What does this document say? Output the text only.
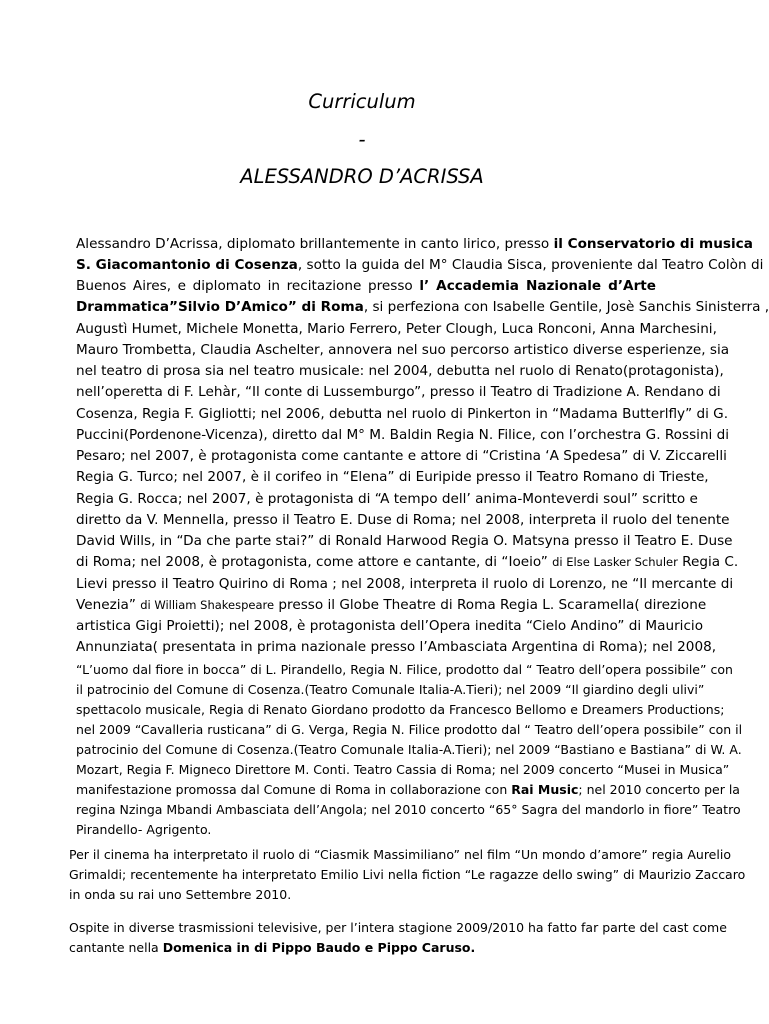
Curriculum
-
ALESSANDRO D’ACRISSA
Alessandro D’Acrissa, diplomato brillantemente in canto lirico, presso il Conservatorio di musica
S. Giacomantonio di Cosenza, sotto la guida del M° Claudia Sisca, proveniente dal Teatro Colòn di
Buenos Aires, e diplomato in recitazione presso l’ Accademia Nazionale d’Arte
Drammatica”Silvio D’Amico” di Roma, si perfeziona con Isabelle Gentile, Josè Sanchis Sinisterra ,
Augustì Humet, Michele Monetta, Mario Ferrero, Peter Clough, Luca Ronconi, Anna Marchesini,
Mauro Trombetta, Claudia Aschelter, annovera nel suo percorso artistico diverse esperienze, sia
nel teatro di prosa sia nel teatro musicale: nel 2004, debutta nel ruolo di Renato(protagonista),
nell’operetta di F. Lehàr, “Il conte di Lussemburgo”, presso il Teatro di Tradizione A. Rendano di
Cosenza, Regia F. Gigliotti; nel 2006, debutta nel ruolo di Pinkerton in “Madama Butterlfly” di G.
Puccini(Pordenone-Vicenza), diretto dal M° M. Baldin Regia N. Filice, con l’orchestra G. Rossini di
Pesaro; nel 2007, è protagonista come cantante e attore di “Cristina ‘A Spedesa” di V. Ziccarelli
Regia G. Turco; nel 2007, è il corifeo in “Elena” di Euripide presso il Teatro Romano di Trieste,
Regia G. Rocca; nel 2007, è protagonista di “A tempo dell’ anima-Monteverdi soul” scritto e
diretto da V. Mennella, presso il Teatro E. Duse di Roma; nel 2008, interpreta il ruolo del tenente
David Wills, in “Da che parte stai?” di Ronald Harwood Regia O. Matsyna presso il Teatro E. Duse
di Roma; nel 2008, è protagonista, come attore e cantante, di “Ioeio” di Else Lasker Schuler Regia C.
Lievi presso il Teatro Quirino di Roma ; nel 2008, interpreta il ruolo di Lorenzo, ne “Il mercante di
Venezia” di William Shakespeare presso il Globe Theatre di Roma Regia L. Scaramella( direzione
artistica Gigi Proietti); nel 2008, è protagonista dell’Opera inedita “Cielo Andino” di Mauricio
Annunziata( presentata in prima nazionale presso l’Ambasciata Argentina di Roma); nel 2008,
“L’uomo dal fiore in bocca” di L. Pirandello, Regia N. Filice, prodotto dal “ Teatro dell’opera possibile” con
il patrocinio del Comune di Cosenza.(Teatro Comunale Italia-A.Tieri); nel 2009 “Il giardino degli ulivi”
spettacolo musicale, Regia di Renato Giordano prodotto da Francesco Bellomo e Dreamers Productions;
nel 2009 “Cavalleria rusticana” di G. Verga, Regia N. Filice prodotto dal “ Teatro dell’opera possibile” con il
patrocinio del Comune di Cosenza.(Teatro Comunale Italia-A.Tieri); nel 2009 “Bastiano e Bastiana” di W. A.
Mozart, Regia F. Migneco Direttore M. Conti. Teatro Cassia di Roma; nel 2009 concerto “Musei in Musica”
manifestazione promossa dal Comune di Roma in collaborazione con Rai Music; nel 2010 concerto per la
regina Nzinga Mbandi Ambasciata dell’Angola; nel 2010 concerto “65° Sagra del mandorlo in fiore” Teatro
Pirandello- Agrigento.
Per il cinema ha interpretato il ruolo di “Ciasmik Massimiliano” nel film “Un mondo d’amore” regia Aurelio
Grimaldi; recentemente ha interpretato Emilio Livi nella fiction “Le ragazze dello swing” di Maurizio Zaccaro
in onda su rai uno Settembre 2010.
Ospite in diverse trasmissioni televisive, per l’intera stagione 2009/2010 ha fatto far parte del cast come
cantante nella Domenica in di Pippo Baudo e Pippo Caruso.
